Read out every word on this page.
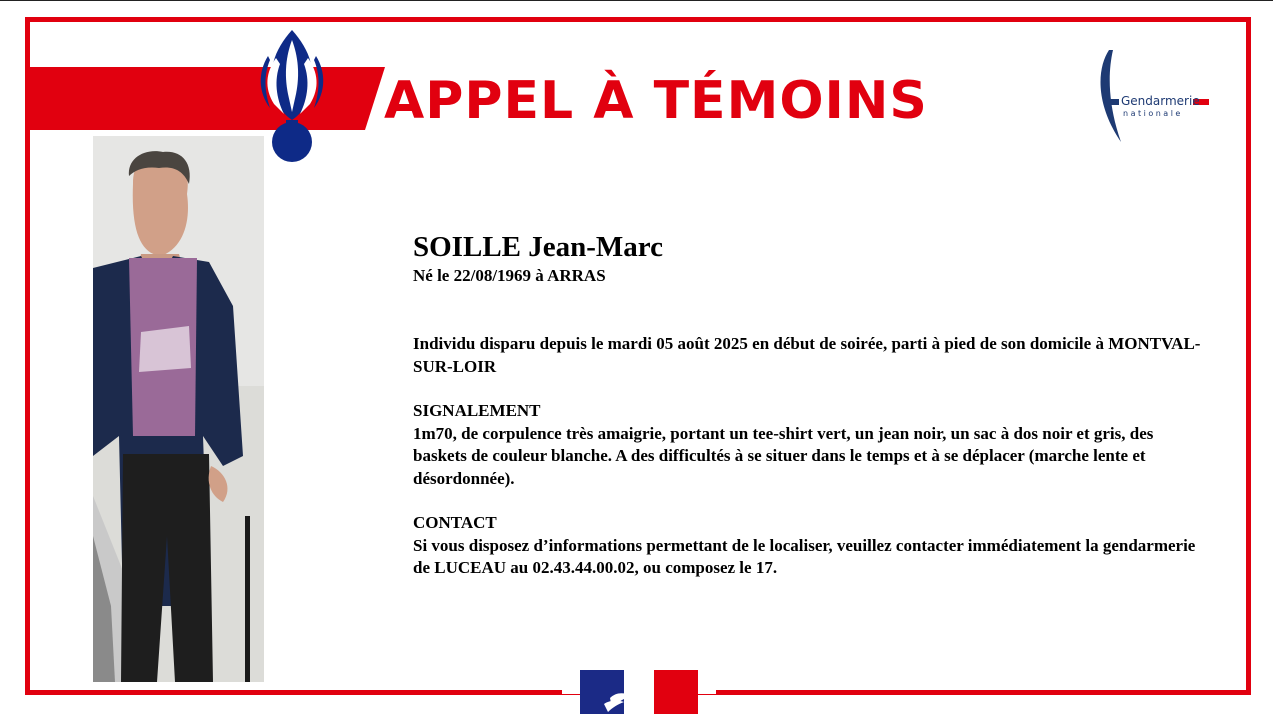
APPEL À TÉMOINS	Gendarmerie
nationale
SOILLE Jean-Marc
Né le 22/08/1969 à ARRAS
Individu disparu depuis le mardi 05 août 2025 en début de soirée, parti à pied de son domicile à MONTVAL-SUR-LOIR
SIGNALEMENT
1m70, de corpulence très amaigrie, portant un tee-shirt vert, un jean noir, un sac à dos noir et gris, des baskets de couleur blanche. A des difficultés à se situer dans le temps et à se déplacer (marche lente et désordonnée).
CONTACT
Si vous disposez d’informations permettant de le localiser, veuillez contacter immédiatement la gendarmerie de LUCEAU au 02.43.44.00.02, ou composez le 17.
